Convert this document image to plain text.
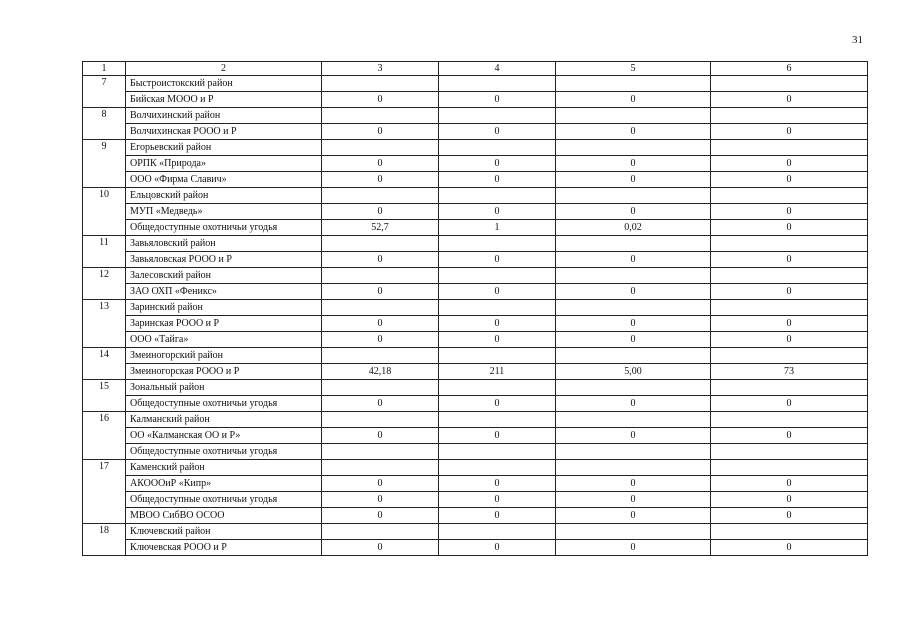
31
1	2	3	4	5	6
7	Быстроистокский район				
	Бийская МООО и Р	0	0	0	0
8	Волчихинский район				
	Волчихинская РООО и Р	0	0	0	0
9	Егорьевский район				
	ОРПК «Природа»	0	0	0	0
	ООО «Фирма Славич»	0	0	0	0
10	Ельцовский район				
	МУП «Медведь»	0	0	0	0
	Общедоступные охотничьи угодья	52,7	1	0,02	0
11	Завьяловский район				
	Завьяловская РООО и Р	0	0	0	0
12	Залесовский район				
	ЗАО ОХП «Феникс»	0	0	0	0
13	Заринский район				
	Заринская РООО и Р	0	0	0	0
	ООО «Тайга»	0	0	0	0
14	Змеиногорский район				
	Змеиногорская РООО и Р	42,18	211	5,00	73
15	Зональный район				
	Общедоступные охотничьи угодья	0	0	0	0
16	Калманский район				
	ОО «Калманская ОО и Р»	0	0	0	0
	Общедоступные охотничьи угодья				
17	Каменский район				
	АКОООиР «Кипр»	0	0	0	0
	Общедоступные охотничьи угодья	0	0	0	0
	МВОО СибВО ОСОО	0	0	0	0
18	Ключевский район				
	Ключевская РООО и Р	0	0	0	0
